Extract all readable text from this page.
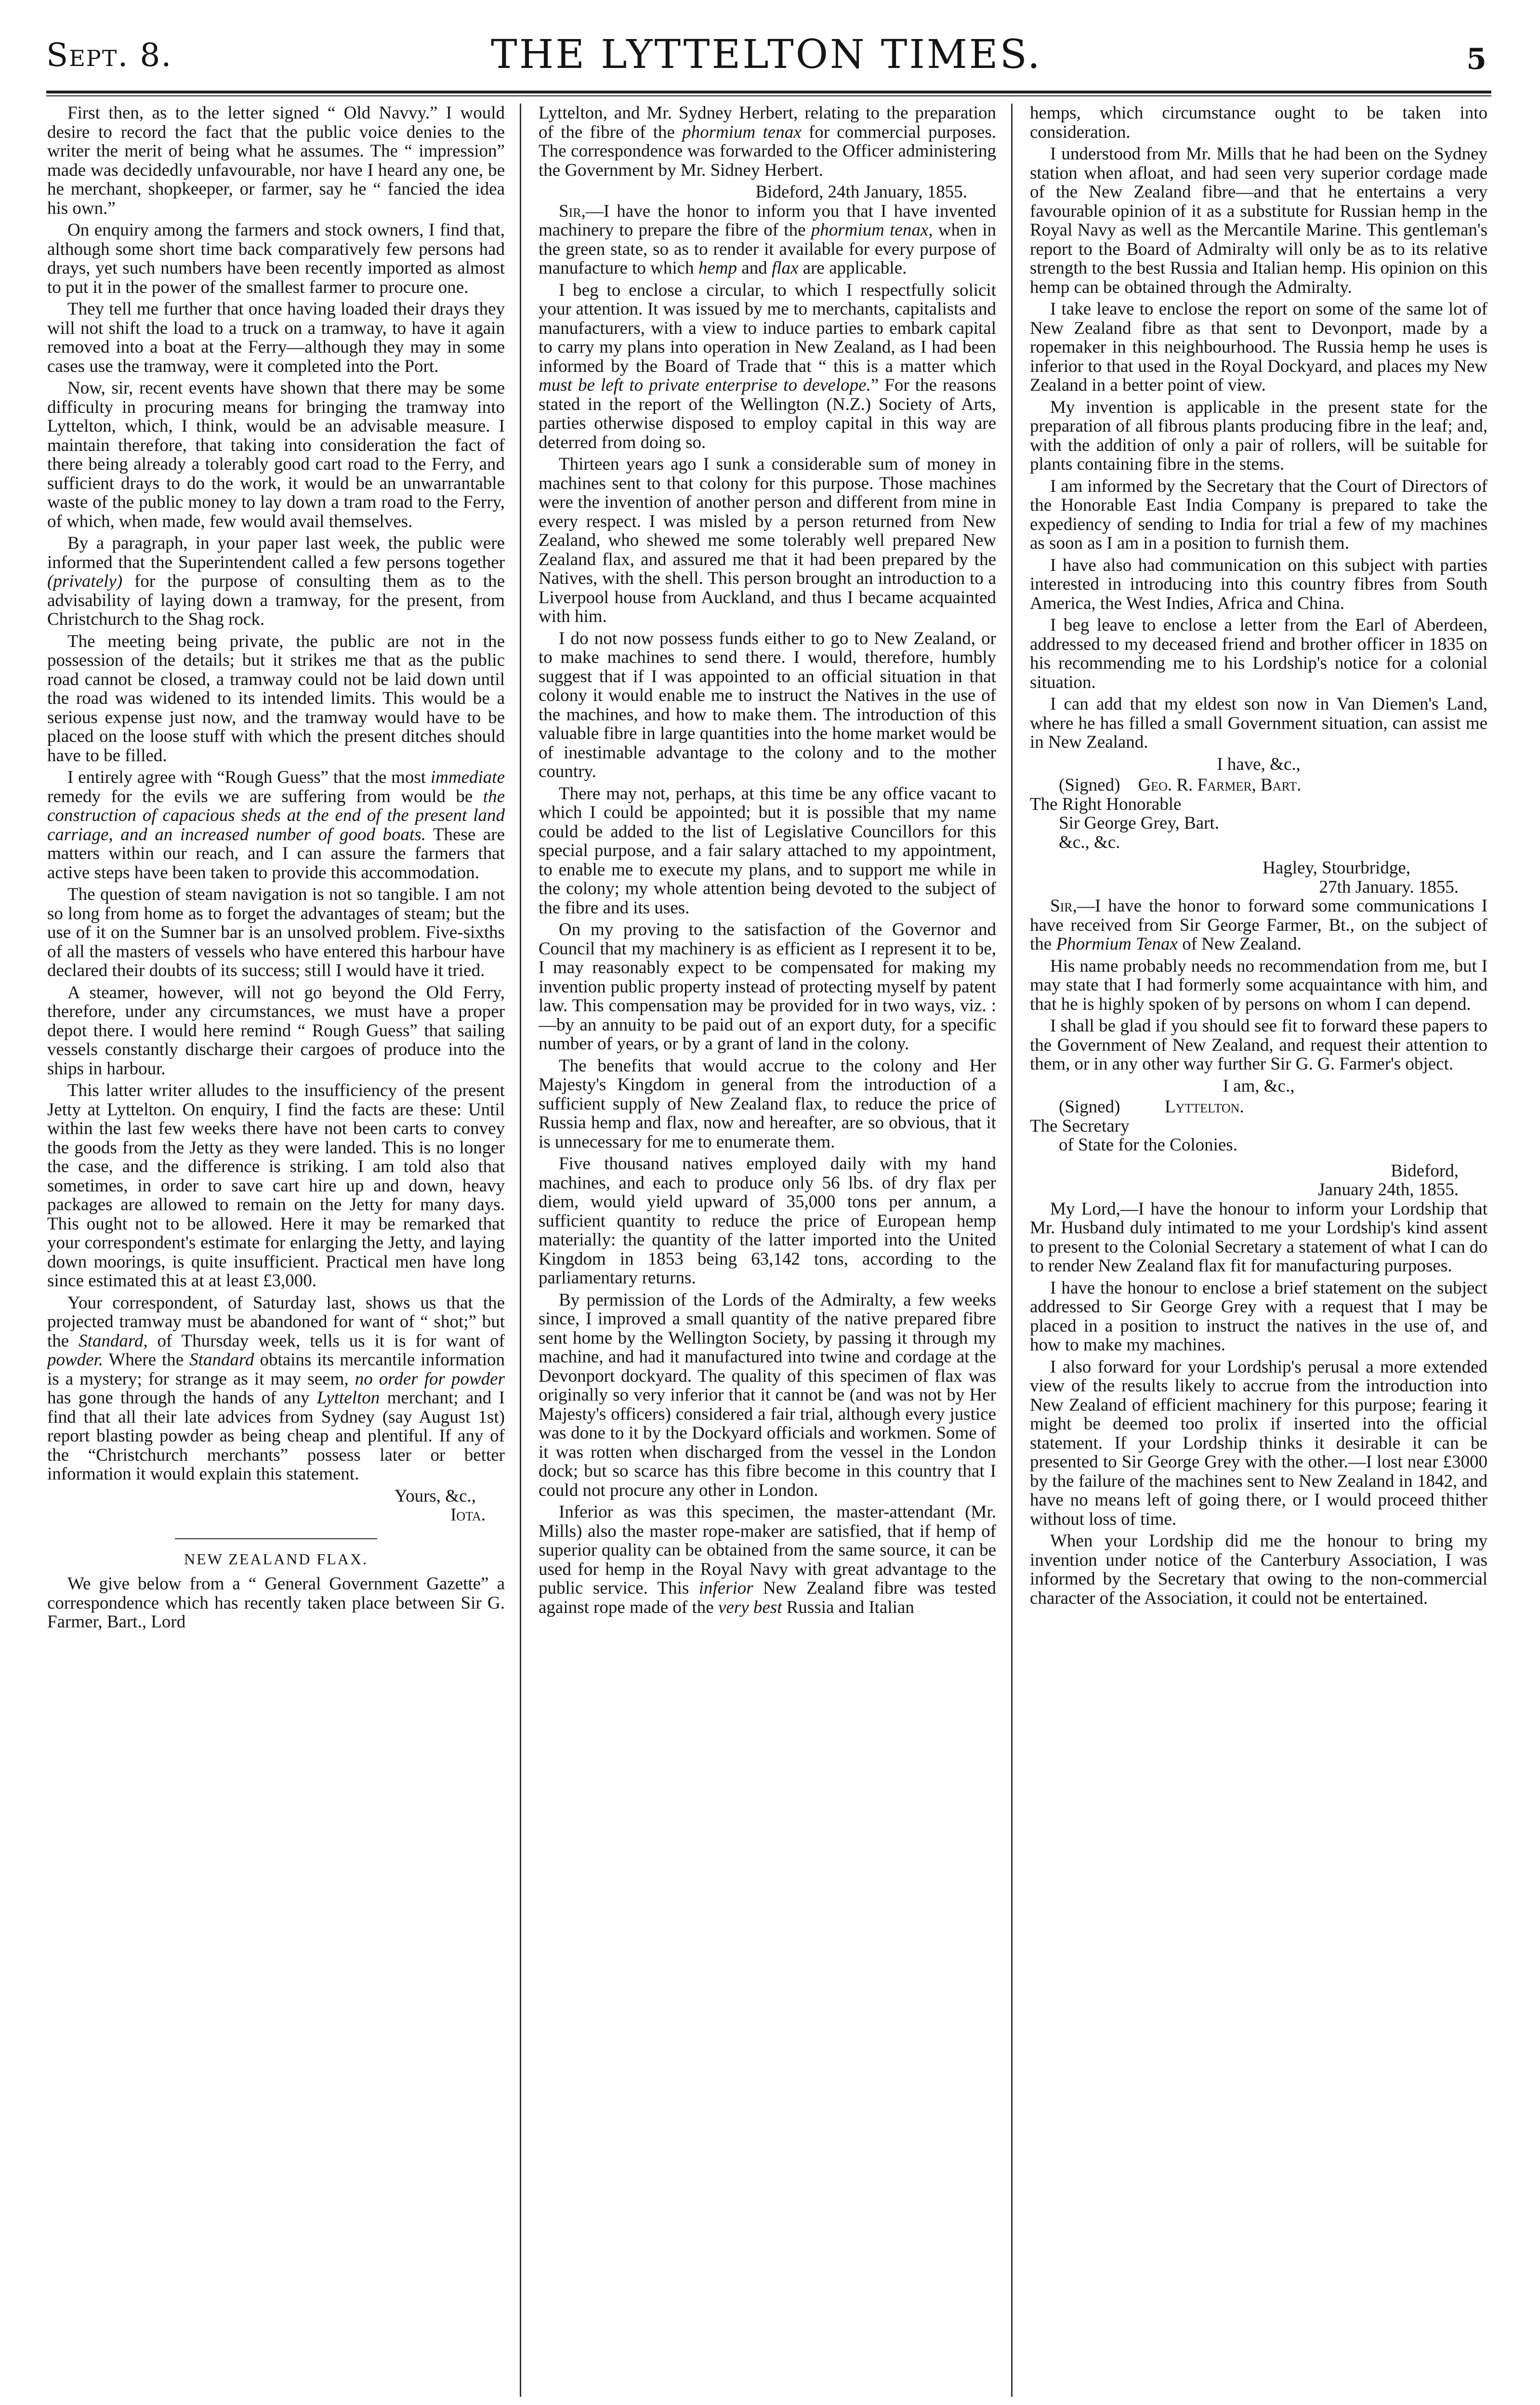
Sept. 8.	THE LYTTELTON TIMES.	5

First then, as to the letter signed “ Old Navvy.” I would desire to record the fact that the public voice denies to the writer the merit of being what he assumes. The “ impression” made was decidedly unfavourable, nor have I heard any one, be he merchant, shopkeeper, or farmer, say he “ fancied the idea his own.”

On enquiry among the farmers and stock owners, I find that, although some short time back comparatively few persons had drays, yet such numbers have been recently imported as almost to put it in the power of the smallest farmer to procure one.

They tell me further that once having loaded their drays they will not shift the load to a truck on a tramway, to have it again removed into a boat at the Ferry—although they may in some cases use the tramway, were it completed into the Port.

Now, sir, recent events have shown that there may be some difficulty in procuring means for bringing the tramway into Lyttelton, which, I think, would be an advisable measure. I maintain therefore, that taking into consideration the fact of there being already a tolerably good cart road to the Ferry, and sufficient drays to do the work, it would be an unwarrantable waste of the public money to lay down a tram road to the Ferry, of which, when made, few would avail themselves.

By a paragraph, in your paper last week, the public were informed that the Superintendent called a few persons together (privately) for the purpose of consulting them as to the advisability of laying down a tramway, for the present, from Christchurch to the Shag rock.

The meeting being private, the public are not in the possession of the details; but it strikes me that as the public road cannot be closed, a tramway could not be laid down until the road was widened to its intended limits. This would be a serious expense just now, and the tramway would have to be placed on the loose stuff with which the present ditches should have to be filled.

I entirely agree with “Rough Guess” that the most immediate remedy for the evils we are suffering from would be the construction of capacious sheds at the end of the present land carriage, and an increased number of good boats. These are matters within our reach, and I can assure the farmers that active steps have been taken to provide this accommodation.

The question of steam navigation is not so tangible. I am not so long from home as to forget the advantages of steam; but the use of it on the Sumner bar is an unsolved problem. Five-sixths of all the masters of vessels who have entered this harbour have declared their doubts of its success; still I would have it tried.

A steamer, however, will not go beyond the Old Ferry, therefore, under any circumstances, we must have a proper depot there. I would here remind “ Rough Guess” that sailing vessels constantly discharge their cargoes of produce into the ships in harbour.

This latter writer alludes to the insufficiency of the present Jetty at Lyttelton. On enquiry, I find the facts are these: Until within the last few weeks there have not been carts to convey the goods from the Jetty as they were landed. This is no longer the case, and the difference is striking. I am told also that sometimes, in order to save cart hire up and down, heavy packages are allowed to remain on the Jetty for many days. This ought not to be allowed. Here it may be remarked that your correspondent's estimate for enlarging the Jetty, and laying down moorings, is quite insufficient. Practical men have long since estimated this at at least £3,000.

Your correspondent, of Saturday last, shows us that the projected tramway must be abandoned for want of “ shot;” but the Standard, of Thursday week, tells us it is for want of powder. Where the Standard obtains its mercantile information is a mystery; for strange as it may seem, no order for powder has gone through the hands of any Lyttelton merchant; and I find that all their late advices from Sydney (say August 1st) report blasting powder as being cheap and plentiful. If any of the “Christchurch merchants” possess later or better information it would explain this statement.

Yours, &c.,

Iota.

NEW ZEALAND FLAX.

We give below from a “ General Government Gazette” a correspondence which has recently taken place between Sir G. Farmer, Bart., Lord

Lyttelton, and Mr. Sydney Herbert, relating to the preparation of the fibre of the phormium tenax for commercial purposes. The correspondence was forwarded to the Officer administering the Government by Mr. Sidney Herbert.

Bideford, 24th January, 1855.

Sir,—I have the honor to inform you that I have invented machinery to prepare the fibre of the phormium tenax, when in the green state, so as to render it available for every purpose of manufacture to which hemp and flax are applicable.

I beg to enclose a circular, to which I respectfully solicit your attention. It was issued by me to merchants, capitalists and manufacturers, with a view to induce parties to embark capital to carry my plans into operation in New Zealand, as I had been informed by the Board of Trade that “ this is a matter which must be left to private enterprise to develope.” For the reasons stated in the report of the Wellington (N.Z.) Society of Arts, parties otherwise disposed to employ capital in this way are deterred from doing so.

Thirteen years ago I sunk a considerable sum of money in machines sent to that colony for this purpose. Those machines were the invention of another person and different from mine in every respect. I was misled by a person returned from New Zealand, who shewed me some tolerably well prepared New Zealand flax, and assured me that it had been prepared by the Natives, with the shell. This person brought an introduction to a Liverpool house from Auckland, and thus I became acquainted with him.

I do not now possess funds either to go to New Zealand, or to make machines to send there. I would, therefore, humbly suggest that if I was appointed to an official situation in that colony it would enable me to instruct the Natives in the use of the machines, and how to make them. The introduction of this valuable fibre in large quantities into the home market would be of inestimable advantage to the colony and to the mother country.

There may not, perhaps, at this time be any office vacant to which I could be appointed; but it is possible that my name could be added to the list of Legislative Councillors for this special purpose, and a fair salary attached to my appointment, to enable me to execute my plans, and to support me while in the colony; my whole attention being devoted to the subject of the fibre and its uses.

On my proving to the satisfaction of the Governor and Council that my machinery is as efficient as I represent it to be, I may reasonably expect to be compensated for making my invention public property instead of protecting myself by patent law. This compensation may be provided for in two ways, viz. :—by an annuity to be paid out of an export duty, for a specific number of years, or by a grant of land in the colony.

The benefits that would accrue to the colony and Her Majesty's Kingdom in general from the introduction of a sufficient supply of New Zealand flax, to reduce the price of Russia hemp and flax, now and hereafter, are so obvious, that it is unnecessary for me to enumerate them.

Five thousand natives employed daily with my hand machines, and each to produce only 56 lbs. of dry flax per diem, would yield upward of 35,000 tons per annum, a sufficient quantity to reduce the price of European hemp materially: the quantity of the latter imported into the United Kingdom in 1853 being 63,142 tons, according to the parliamentary returns.

By permission of the Lords of the Admiralty, a few weeks since, I improved a small quantity of the native prepared fibre sent home by the Wellington Society, by passing it through my machine, and had it manufactured into twine and cordage at the Devonport dockyard. The quality of this specimen of flax was originally so very inferior that it cannot be (and was not by Her Majesty's officers) considered a fair trial, although every justice was done to it by the Dockyard officials and workmen. Some of it was rotten when discharged from the vessel in the London dock; but so scarce has this fibre become in this country that I could not procure any other in London.

Inferior as was this specimen, the master-attendant (Mr. Mills) also the master rope-maker are satisfied, that if hemp of superior quality can be obtained from the same source, it can be used for hemp in the Royal Navy with great advantage to the public service. This inferior New Zealand fibre was tested against rope made of the very best Russia and Italian

hemps, which circumstance ought to be taken into consideration.

I understood from Mr. Mills that he had been on the Sydney station when afloat, and had seen very superior cordage made of the New Zealand fibre—and that he entertains a very favourable opinion of it as a substitute for Russian hemp in the Royal Navy as well as the Mercantile Marine. This gentleman's report to the Board of Admiralty will only be as to its relative strength to the best Russia and Italian hemp. His opinion on this hemp can be obtained through the Admiralty.

I take leave to enclose the report on some of the same lot of New Zealand fibre as that sent to Devonport, made by a ropemaker in this neighbourhood. The Russia hemp he uses is inferior to that used in the Royal Dockyard, and places my New Zealand in a better point of view.

My invention is applicable in the present state for the preparation of all fibrous plants producing fibre in the leaf; and, with the addition of only a pair of rollers, will be suitable for plants containing fibre in the stems.

I am informed by the Secretary that the Court of Directors of the Honorable East India Company is prepared to take the expediency of sending to India for trial a few of my machines as soon as I am in a position to furnish them.

I have also had communication on this subject with parties interested in introducing into this country fibres from South America, the West Indies, Africa and China.

I beg leave to enclose a letter from the Earl of Aberdeen, addressed to my deceased friend and brother officer in 1835 on his recommending me to his Lordship's notice for a colonial situation.

I can add that my eldest son now in Van Diemen's Land, where he has filled a small Government situation, can assist me in New Zealand.

I have, &c.,

(Signed) Geo. R. Farmer, Bart.

The Right Honorable

Sir George Grey, Bart.

&c., &c.

Hagley, Stourbridge,

27th January. 1855.

Sir,—I have the honor to forward some communications I have received from Sir George Farmer, Bt., on the subject of the Phormium Tenax of New Zealand.

His name probably needs no recommendation from me, but I may state that I had formerly some acquaintance with him, and that he is highly spoken of by persons on whom I can depend.

I shall be glad if you should see fit to forward these papers to the Government of New Zealand, and request their attention to them, or in any other way further Sir G. G. Farmer's object.

I am, &c.,

(Signed)	Lyttelton.

The Secretary

of State for the Colonies.

Bideford,

January 24th, 1855.

My Lord,—I have the honour to inform your Lordship that Mr. Husband duly intimated to me your Lordship's kind assent to present to the Colonial Secretary a statement of what I can do to render New Zealand flax fit for manufacturing purposes.

I have the honour to enclose a brief statement on the subject addressed to Sir George Grey with a request that I may be placed in a position to instruct the natives in the use of, and how to make my machines.

I also forward for your Lordship's perusal a more extended view of the results likely to accrue from the introduction into New Zealand of efficient machinery for this purpose; fearing it might be deemed too prolix if inserted into the official statement. If your Lordship thinks it desirable it can be presented to Sir George Grey with the other.—I lost near £3000 by the failure of the machines sent to New Zealand in 1842, and have no means left of going there, or I would proceed thither without loss of time.

When your Lordship did me the honour to bring my invention under notice of the Canterbury Association, I was informed by the Secretary that owing to the non-commercial character of the Association, it could not be entertained.
